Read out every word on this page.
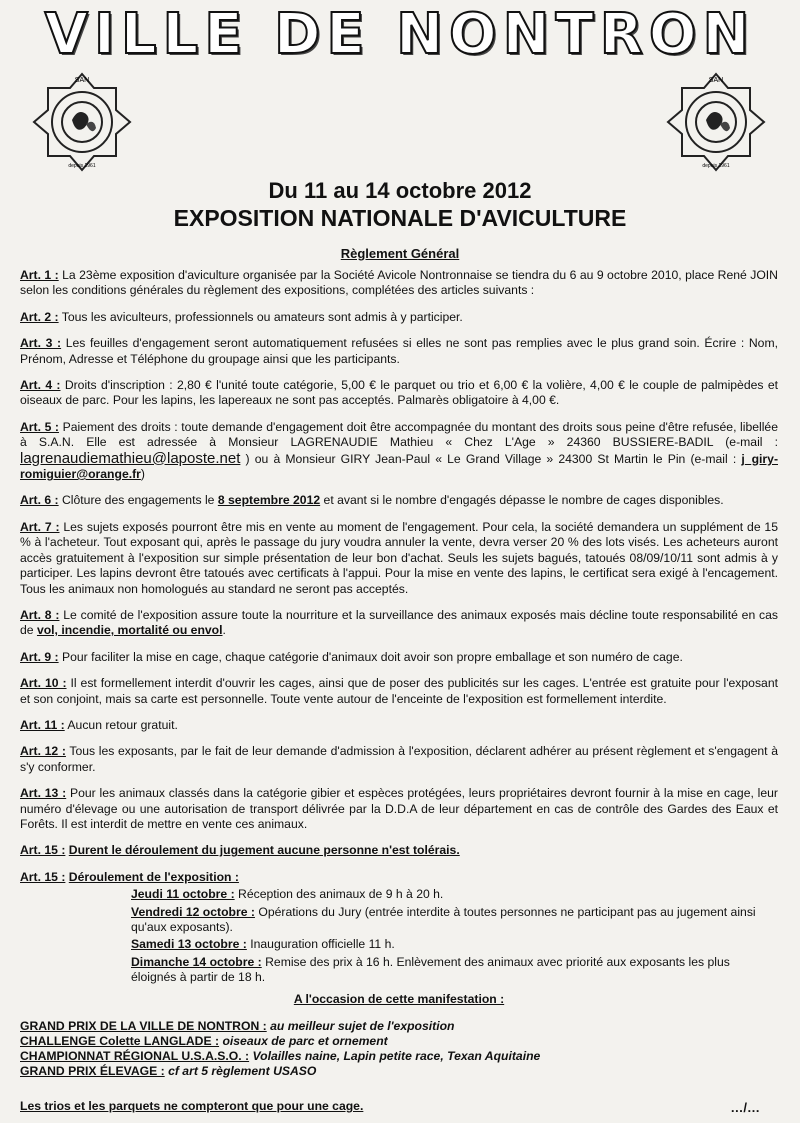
VILLE DE NONTRON
SAN
depuis 1961
SAN
depuis 1961
Du 11 au 14 octobre 2012
EXPOSITION NATIONALE D'AVICULTURE
Règlement Général

Art. 1 : La 23ème exposition d'aviculture organisée par la Société Avicole Nontronnaise se tiendra du 6 au 9 octobre 2010, place René JOIN selon les conditions générales du règlement des expositions, complétées des articles suivants :

Art. 2 : Tous les aviculteurs, professionnels ou amateurs sont admis à y participer.

Art. 3 : Les feuilles d'engagement seront automatiquement refusées si elles ne sont pas remplies avec le plus grand soin. Écrire : Nom, Prénom, Adresse et Téléphone du groupage ainsi que les participants.

Art. 4 : Droits d'inscription : 2,80 € l'unité toute catégorie, 5,00 € le parquet ou trio et 6,00 € la volière, 4,00 € le couple de palmipèdes et oiseaux de parc. Pour les lapins, les lapereaux ne sont pas acceptés. Palmarès obligatoire à 4,00 €.

Art. 5 : Paiement des droits : toute demande d'engagement doit être accompagnée du montant des droits sous peine d'être refusée, libellée à S.A.N. Elle est adressée à Monsieur LAGRENAUDIE Mathieu « Chez L'Age » 24360 BUSSIERE-BADIL (e-mail : lagrenaudiemathieu@laposte.net ) ou à Monsieur GIRY Jean-Paul « Le Grand Village » 24300 St Martin le Pin (e-mail : j_giry-romiguier@orange.fr)

Art. 6 : Clôture des engagements le 8 septembre 2012 et avant si le nombre d'engagés dépasse le nombre de cages disponibles.

Art. 7 : Les sujets exposés pourront être mis en vente au moment de l'engagement. Pour cela, la société demandera un supplément de 15 % à l'acheteur. Tout exposant qui, après le passage du jury voudra annuler la vente, devra verser 20 % des lots visés. Les acheteurs auront accès gratuitement à l'exposition sur simple présentation de leur bon d'achat. Seuls les sujets bagués, tatoués 08/09/10/11 sont admis à y participer. Les lapins devront être tatoués avec certificats à l'appui. Pour la mise en vente des lapins, le certificat sera exigé à l'encagement. Tous les animaux non homologués au standard ne seront pas acceptés.

Art. 8 : Le comité de l'exposition assure toute la nourriture et la surveillance des animaux exposés mais décline toute responsabilité en cas de vol, incendie, mortalité ou envol.

Art. 9 : Pour faciliter la mise en cage, chaque catégorie d'animaux doit avoir son propre emballage et son numéro de cage.

Art. 10 : Il est formellement interdit d'ouvrir les cages, ainsi que de poser des publicités sur les cages. L'entrée est gratuite pour l'exposant et son conjoint, mais sa carte est personnelle. Toute vente autour de l'enceinte de l'exposition est formellement interdite.

Art. 11 : Aucun retour gratuit.

Art. 12 : Tous les exposants, par le fait de leur demande d'admission à l'exposition, déclarent adhérer au présent règlement et s'engagent à s'y conformer.

Art. 13 : Pour les animaux classés dans la catégorie gibier et espèces protégées, leurs propriétaires devront fournir à la mise en cage, leur numéro d'élevage ou une autorisation de transport délivrée par la D.D.A de leur département en cas de contrôle des Gardes des Eaux et Forêts. Il est interdit de mettre en vente ces animaux.

Art. 15 : Durent le déroulement du jugement aucune personne n'est tolérais.

Art. 15 : Déroulement de l'exposition :

Jeudi 11 octobre : Réception des animaux de 9 h à 20 h.
Vendredi 12 octobre : Opérations du Jury (entrée interdite à toutes personnes ne participant pas au jugement ainsi qu'aux exposants).
Samedi 13 octobre : Inauguration officielle 11 h.
Dimanche 14 octobre : Remise des prix à 16 h. Enlèvement des animaux avec priorité aux exposants les plus éloignés à partir de 18 h.
A l'occasion de cette manifestation :
GRAND PRIX DE LA VILLE DE NONTRON : au meilleur sujet de l'exposition
CHALLENGE Colette LANGLADE : oiseaux de parc et ornement
CHAMPIONNAT RÉGIONAL U.S.A.S.O. : Volailles naine, Lapin petite race, Texan Aquitaine
GRAND PRIX ÉLEVAGE : cf art 5 règlement USASO
Les trios et les parquets ne compteront que pour une cage.	…/…
